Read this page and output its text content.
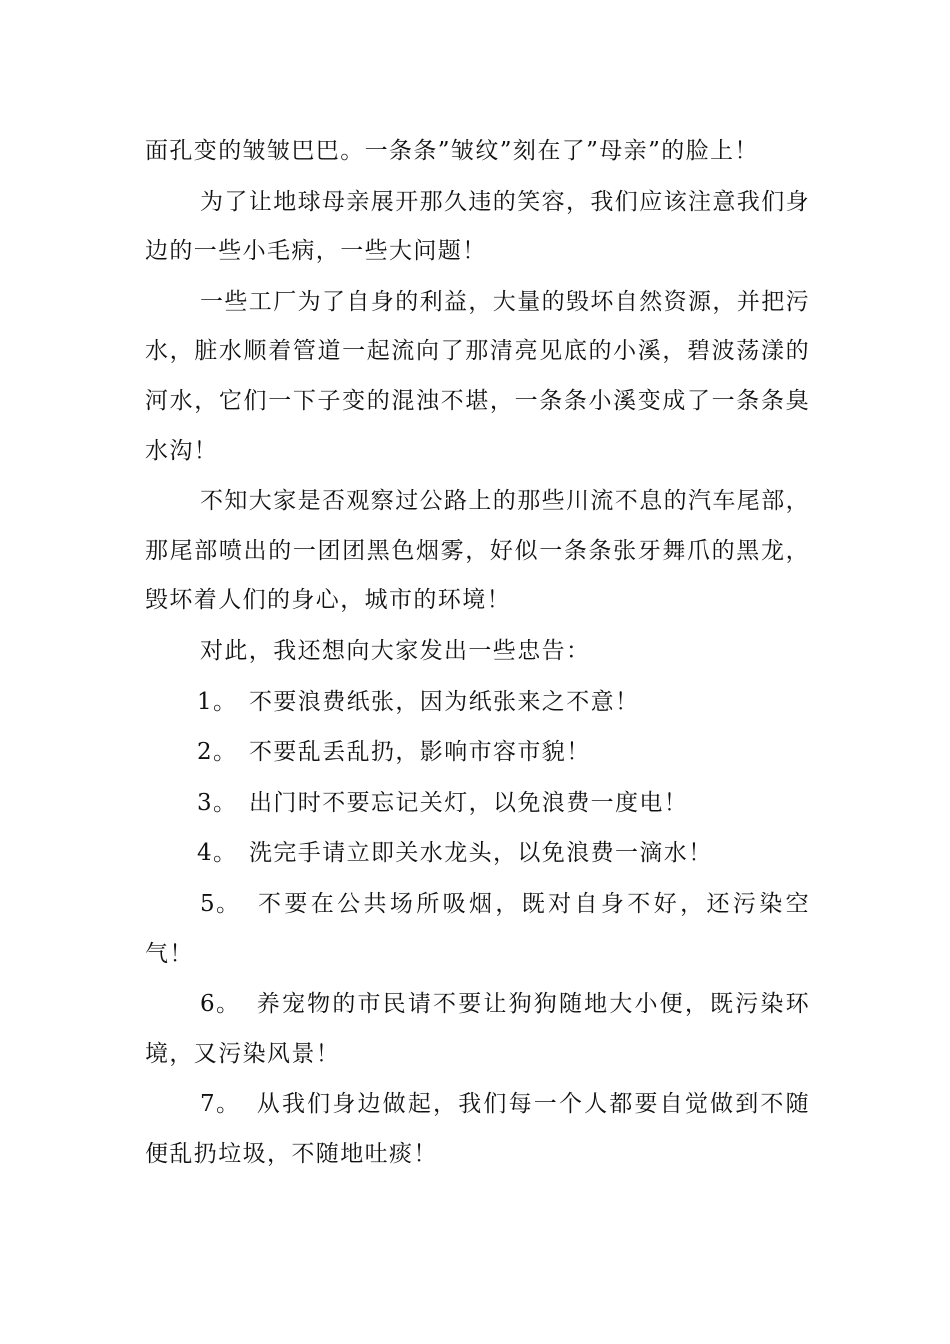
面孔变的皱皱巴巴。一条条”皱纹”刻在了”母亲”的脸上！

为了让地球母亲展开那久违的笑容，我们应该注意我们身边的一些小毛病，一些大问题！

一些工厂为了自身的利益，大量的毁坏自然资源，并把污水，脏水顺着管道一起流向了那清亮见底的小溪，碧波荡漾的河水，它们一下子变的混浊不堪，一条条小溪变成了一条条臭水沟！

不知大家是否观察过公路上的那些川流不息的汽车尾部，那尾部喷出的一团团黑色烟雾，好似一条条张牙舞爪的黑龙，毁坏着人们的身心，城市的环境！

对此，我还想向大家发出一些忠告：

1。 不要浪费纸张，因为纸张来之不意！

2。 不要乱丢乱扔，影响市容市貌！

3。 出门时不要忘记关灯，以免浪费一度电！

4。 洗完手请立即关水龙头，以免浪费一滴水！

5。 不要在公共场所吸烟，既对自身不好，还污染空气！

6。 养宠物的市民请不要让狗狗随地大小便，既污染环境，又污染风景！

7。 从我们身边做起，我们每一个人都要自觉做到不随便乱扔垃圾，不随地吐痰！
